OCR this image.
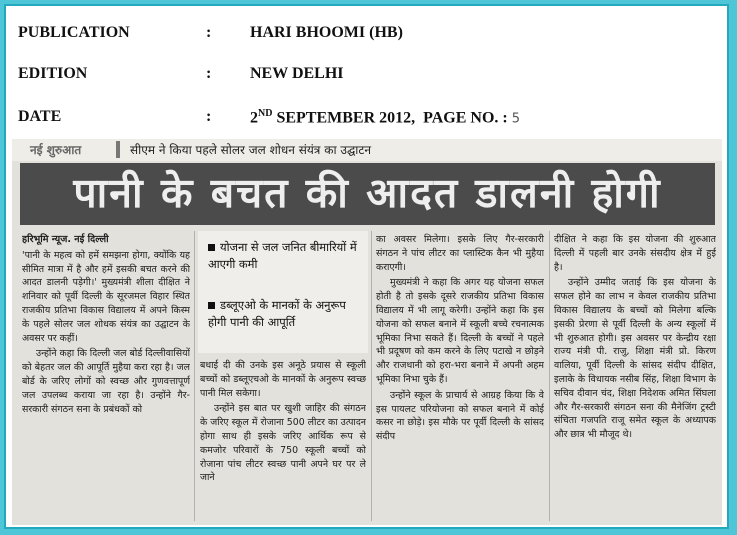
PUBLICATION	: HARI BHOOMI (HB)
EDITION	: NEW DELHI
DATE	: 2ND SEPTEMBER 2012, PAGE NO. : 5
नई शुरुआत	सीएम ने किया पहले सोलर जल शोधन संयंत्र का उद्घाटन
पानी के बचत की आदत डालनी होगी

हरिभूमि न्यूज. नई दिल्ली

'पानी के महत्व को हमें समझना होगा, क्योंकि यह सीमित मात्रा में है और हमें इसकी बचत करने की आदत डालनी पड़ेगी।' मुख्यमंत्री शीला दीक्षित ने शनिवार को पूर्वी दिल्ली के सूरजमल विहार स्थित राजकीय प्रतिभा विकास विद्यालय में अपने किस्म के पहले सोलर जल शोधक संयंत्र का उद्घाटन के अवसर पर कहीं।

उन्होंने कहा कि दिल्ली जल बोर्ड दिल्लीवासियों को बेहतर जल की आपूर्ति मुहैया करा रहा है। जल बोर्ड के जरिए लोगों को स्वच्छ और गुणवत्तापूर्ण जल उपलब्ध कराया जा रहा है। उन्होंने गैर-सरकारी संगठन सना के प्रबंधकों को

योजना से जल जनित बीमारियों में आएगी कमी
डब्लूएओ के मानकों के अनुरूप होगी पानी की आपूर्ति

बधाई दी की उनके इस अनूठे प्रयास से स्कूली बच्चों को डब्लूएचओ के मानकों के अनुरूप स्वच्छ पानी मिल सकेगा।

उन्होंने इस बात पर खुशी जाहिर की संगठन के जरिए स्कूल में रोजाना 500 लीटर का उत्पादन होगा साथ ही इसके जरिए आर्थिक रूप से कमजोर परिवारों के 750 स्कूली बच्चों को रोजाना पांच लीटर स्वच्छ पानी अपने घर पर ले जाने

का अवसर मिलेगा। इसके लिए गैर-सरकारी संगठन ने पांच लीटर का प्लास्टिक कैन भी मुहैया कराएगी।

मुख्यमंत्री ने कहा कि अगर यह योजना सफल होती है तो इसके दूसरे राजकीय प्रतिभा विकास विद्यालय में भी लागू करेगी। उन्होंने कहा कि इस योजना को सफल बनाने में स्कूली बच्चे रचनात्मक भूमिका निभा सकते हैं। दिल्ली के बच्चों ने पहले भी प्रदूषण को कम करने के लिए पटाखे न छोड़ने और राजधानी को हरा-भरा बनाने में अपनी अहम भूमिका निभा चुके हैं।

उन्होंने स्कूल के प्राचार्य से आग्रह किया कि वे इस पायलट परियोजना को सफल बनाने में कोई कसर ना छोड़े। इस मौके पर पूर्वी दिल्ली के सांसद संदीप

दीक्षित ने कहा कि इस योजना की शुरुआत दिल्ली में पहली बार उनके संसदीय क्षेत्र में हुई है।

उन्होंने उम्मीद जताई कि इस योजना के सफल होने का लाभ न केवल राजकीय प्रतिभा विकास विद्यालय के बच्चों को मिलेगा बल्कि इसकी प्रेरणा से पूर्वी दिल्ली के अन्य स्कूलों में भी शुरुआत होगी। इस अवसर पर केन्द्रीय रक्षा राज्य मंत्री पी. राजु, शिक्षा मंत्री प्रो. किरण वालिया, पूर्वी दिल्ली के सांसद संदीप दीक्षित, इलाके के विधायक नसीब सिंह, शिक्षा विभाग के सचिव दीवान चंद, शिक्षा निदेशक अमित सिंघला और गैर-सरकारी संगठन सना की मैनेजिंग ट्रस्टी संचिता गजपति राजू समेत स्कूल के अध्यापक और छात्र भी मौजूद थे।
